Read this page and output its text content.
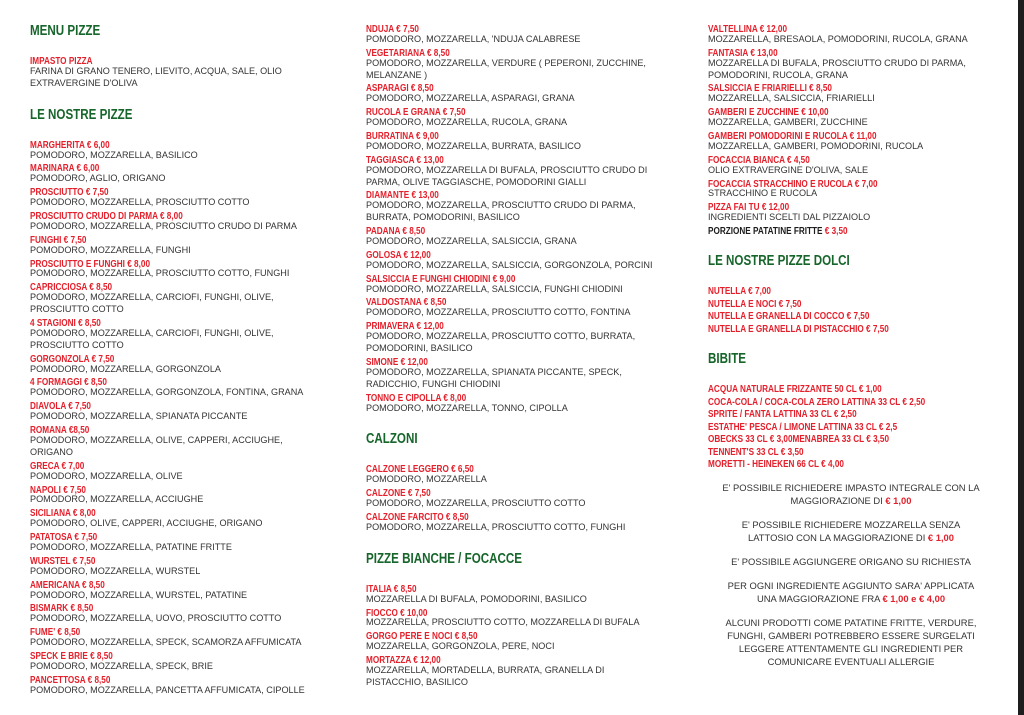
MENU PIZZE
IMPASTO PIZZA
FARINA DI GRANO TENERO, LIEVITO, ACQUA, SALE, OLIO
EXTRAVERGINE D'OLIVA
LE NOSTRE PIZZE
MARGHERITA € 6,00
POMODORO, MOZZARELLA, BASILICO
MARINARA € 6,00
POMODORO, AGLIO, ORIGANO
PROSCIUTTO € 7,50
POMODORO, MOZZARELLA, PROSCIUTTO COTTO
PROSCIUTTO CRUDO DI PARMA € 8,00
POMODORO, MOZZARELLA, PROSCIUTTO CRUDO DI PARMA
FUNGHI € 7,50
POMODORO, MOZZARELLA, FUNGHI
PROSCIUTTO E FUNGHI € 8,00
POMODORO, MOZZARELLA, PROSCIUTTO COTTO, FUNGHI
CAPRICCIOSA € 8,50
POMODORO, MOZZARELLA, CARCIOFI, FUNGHI, OLIVE,
PROSCIUTTO COTTO
4 STAGIONI € 8,50
POMODORO, MOZZARELLA, CARCIOFI, FUNGHI, OLIVE,
PROSCIUTTO COTTO
GORGONZOLA € 7,50
POMODORO, MOZZARELLA, GORGONZOLA
4 FORMAGGI € 8,50
POMODORO, MOZZARELLA, GORGONZOLA, FONTINA, GRANA
DIAVOLA € 7,50
POMODORO, MOZZARELLA, SPIANATA PICCANTE
ROMANA €8,50
POMODORO, MOZZARELLA, OLIVE, CAPPERI, ACCIUGHE,
ORIGANO
GRECA € 7,00
POMODORO, MOZZARELLA, OLIVE
NAPOLI € 7,50
POMODORO, MOZZARELLA, ACCIUGHE
SICILIANA € 8,00
POMODORO, OLIVE, CAPPERI, ACCIUGHE, ORIGANO
PATATOSA € 7,50
POMODORO, MOZZARELLA, PATATINE FRITTE
WURSTEL € 7,50
POMODORO, MOZZARELLA, WURSTEL
AMERICANA € 8,50
POMODORO, MOZZARELLA, WURSTEL, PATATINE
BISMARK € 8,50
POMODORO, MOZZARELLA, UOVO, PROSCIUTTO COTTO
FUME' € 8,50
POMODORO, MOZZARELLA, SPECK, SCAMORZA AFFUMICATA
SPECK E BRIE € 8,50
POMODORO, MOZZARELLA, SPECK, BRIE
PANCETTOSA € 8,50
POMODORO, MOZZARELLA, PANCETTA AFFUMICATA, CIPOLLE
NDUJA € 7,50
POMODORO, MOZZARELLA, 'NDUJA CALABRESE
VEGETARIANA € 8,50
POMODORO, MOZZARELLA, VERDURE ( PEPERONI, ZUCCHINE,
MELANZANE )
ASPARAGI € 8,50
POMODORO, MOZZARELLA, ASPARAGI, GRANA
RUCOLA E GRANA € 7,50
POMODORO, MOZZARELLA, RUCOLA, GRANA
BURRATINA € 9,00
POMODORO, MOZZARELLA, BURRATA, BASILICO
TAGGIASCA € 13,00
POMODORO, MOZZARELLA DI BUFALA, PROSCIUTTO CRUDO DI
PARMA, OLIVE TAGGIASCHE, POMODORINI GIALLI
DIAMANTE € 13,00
POMODORO, MOZZARELLA, PROSCIUTTO CRUDO DI PARMA,
BURRATA, POMODORINI, BASILICO
PADANA € 8,50
POMODORO, MOZZARELLA, SALSICCIA, GRANA
GOLOSA € 12,00
POMODORO, MOZZARELLA, SALSICCIA, GORGONZOLA, PORCINI
SALSICCIA E FUNGHI CHIODINI € 9,00
POMODORO, MOZZARELLA, SALSICCIA, FUNGHI CHIODINI
VALDOSTANA € 8,50
POMODORO, MOZZARELLA, PROSCIUTTO COTTO, FONTINA
PRIMAVERA € 12,00
POMODORO, MOZZARELLA, PROSCIUTTO COTTO, BURRATA,
POMODORINI, BASILICO
SIMONE € 12,00
POMODORO, MOZZARELLA, SPIANATA PICCANTE, SPECK,
RADICCHIO, FUNGHI CHIODINI
TONNO E CIPOLLA € 8,00
POMODORO, MOZZARELLA, TONNO, CIPOLLA
CALZONI
CALZONE LEGGERO € 6,50
POMODORO, MOZZARELLA
CALZONE € 7,50
POMODORO, MOZZARELLA, PROSCIUTTO COTTO
CALZONE FARCITO € 8,50
POMODORO, MOZZARELLA, PROSCIUTTO COTTO, FUNGHI
PIZZE BIANCHE / FOCACCE
ITALIA € 8,50
MOZZARELLA DI BUFALA, POMODORINI, BASILICO
FIOCCO € 10,00
MOZZARELLA, PROSCIUTTO COTTO, MOZZARELLA DI BUFALA
GORGO PERE E NOCI € 8,50
MOZZARELLA, GORGONZOLA, PERE, NOCI
MORTAZZA € 12,00
MOZZARELLA, MORTADELLA, BURRATA, GRANELLA DI
PISTACCHIO, BASILICO
VALTELLINA € 12,00
MOZZARELLA, BRESAOLA, POMODORINI, RUCOLA, GRANA
FANTASIA € 13,00
MOZZARELLA DI BUFALA, PROSCIUTTO CRUDO DI PARMA,
POMODORINI, RUCOLA, GRANA
SALSICCIA E FRIARIELLI € 8,50
MOZZARELLA, SALSICCIA, FRIARIELLI
GAMBERI E ZUCCHINE € 10,00
MOZZARELLA, GAMBERI, ZUCCHINE
GAMBERI POMODORINI E RUCOLA € 11,00
MOZZARELLA, GAMBERI, POMODORINI, RUCOLA
FOCACCIA BIANCA € 4,50
OLIO EXTRAVERGINE D'OLIVA, SALE
FOCACCIA STRACCHINO E RUCOLA € 7,00
STRACCHINO E RUCOLA
PIZZA FAI TU € 12,00
INGREDIENTI SCELTI DAL PIZZAIOLO
PORZIONE PATATINE FRITTE € 3,50
LE NOSTRE PIZZE DOLCI
NUTELLA € 7,00
NUTELLA E NOCI € 7,50
NUTELLA E GRANELLA DI COCCO € 7,50
NUTELLA E GRANELLA DI PISTACCHIO € 7,50
BIBITE
ACQUA NATURALE FRIZZANTE 50 CL € 1,00
COCA-COLA / COCA-COLA ZERO LATTINA 33 CL € 2,50
SPRITE / FANTA LATTINA 33 CL € 2,50
ESTATHE' PESCA / LIMONE LATTINA 33 CL € 2,5
OBECKS 33 CL € 3,00MENABREA 33 CL € 3,50
TENNENT'S 33 CL € 3,50
MORETTI - HEINEKEN 66 CL € 4,00
E' POSSIBILE RICHIEDERE IMPASTO INTEGRALE CON LA
MAGGIORAZIONE DI € 1,00
E' POSSIBILE RICHIEDERE MOZZARELLA SENZA
LATTOSIO CON LA MAGGIORAZIONE DI € 1,00
E' POSSIBILE AGGIUNGERE ORIGANO SU RICHIESTA
PER OGNI INGREDIENTE AGGIUNTO SARA' APPLICATA
UNA MAGGIORAZIONE FRA € 1,00 e € 4,00
ALCUNI PRODOTTI COME PATATINE FRITTE, VERDURE,
FUNGHI, GAMBERI POTREBBERO ESSERE SURGELATI
LEGGERE ATTENTAMENTE GLI INGREDIENTI PER
COMUNICARE EVENTUALI ALLERGIE
